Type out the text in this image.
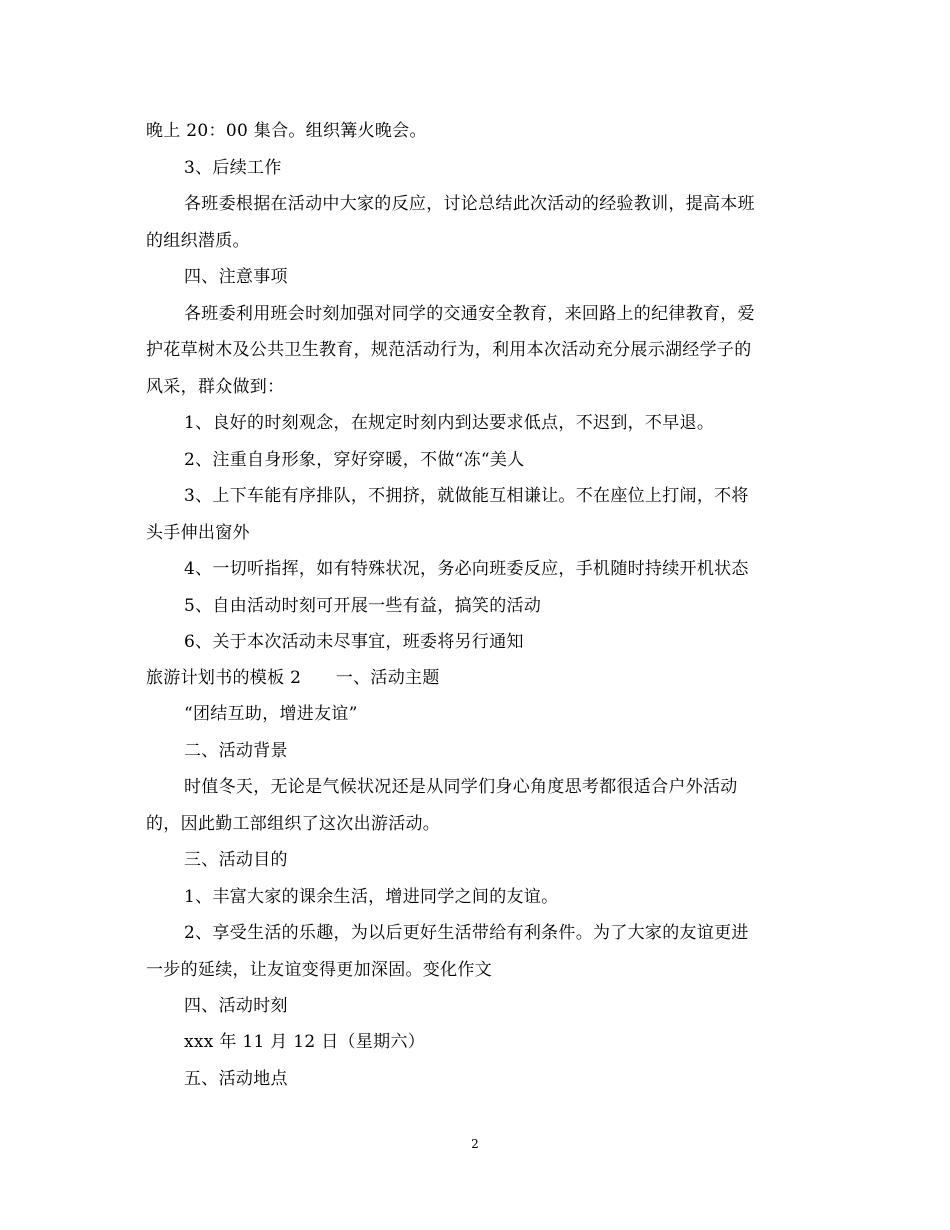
晚上 20：00 集合。组织篝火晚会。
3、后续工作
各班委根据在活动中大家的反应，讨论总结此次活动的经验教训，提高本班
的组织潜质。
四、注意事项
各班委利用班会时刻加强对同学的交通安全教育，来回路上的纪律教育，爱
护花草树木及公共卫生教育，规范活动行为，利用本次活动充分展示湖经学子的
风采，群众做到：
1、良好的时刻观念，在规定时刻内到达要求低点，不迟到，不早退。
2、注重自身形象，穿好穿暖，不做“冻“美人
3、上下车能有序排队，不拥挤，就做能互相谦让。不在座位上打闹，不将
头手伸出窗外
4、一切听指挥，如有特殊状况，务必向班委反应，手机随时持续开机状态
5、自由活动时刻可开展一些有益，搞笑的活动
6、关于本次活动未尽事宜，班委将另行通知
旅游计划书的模板 2　　一、活动主题
“团结互助，增进友谊”
二、活动背景
时值冬天，无论是气候状况还是从同学们身心角度思考都很适合户外活动
的，因此勤工部组织了这次出游活动。
三、活动目的
1、丰富大家的课余生活，增进同学之间的友谊。
2、享受生活的乐趣，为以后更好生活带给有利条件。为了大家的友谊更进
一步的延续，让友谊变得更加深固。变化作文
四、活动时刻
xxx 年 11 月 12 日（星期六）
五、活动地点
2
